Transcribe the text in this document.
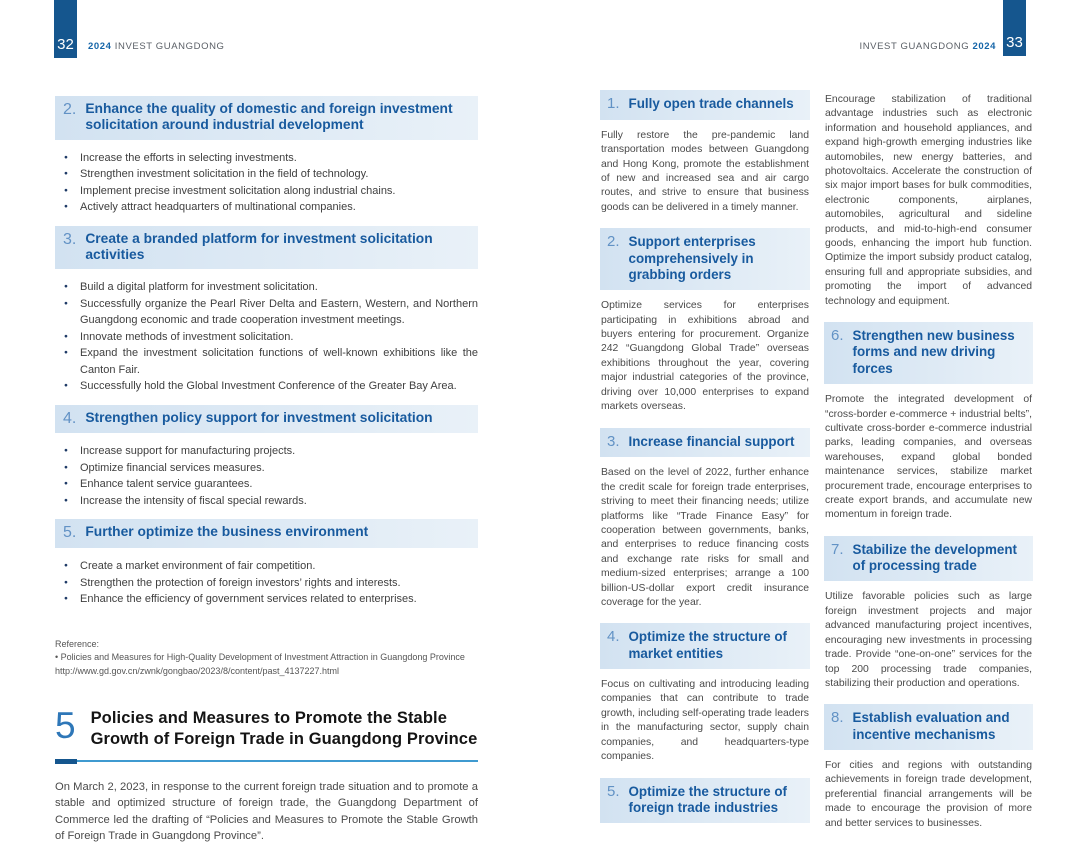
32 2024 INVEST GUANGDONG	INVEST GUANGDONG 2024 33
2. Enhance the quality of domestic and foreign investment solicitation around industrial development
● Increase the efforts in selecting investments.
● Strengthen investment solicitation in the field of technology.
● Implement precise investment solicitation along industrial chains.
● Actively attract headquarters of multinational companies.
3. Create a branded platform for investment solicitation activities
● Build a digital platform for investment solicitation.
● Successfully organize the Pearl River Delta and Eastern, Western, and Northern Guangdong economic and trade cooperation investment meetings.
● Innovate methods of investment solicitation.
● Expand the investment solicitation functions of well-known exhibitions like the Canton Fair.
● Successfully hold the Global Investment Conference of the Greater Bay Area.
4. Strengthen policy support for investment solicitation
● Increase support for manufacturing projects.
● Optimize financial services measures.
● Enhance talent service guarantees.
● Increase the intensity of fiscal special rewards.
5. Further optimize the business environment
● Create a market environment of fair competition.
● Strengthen the protection of foreign investors’ rights and interests.
● Enhance the efficiency of government services related to enterprises.
Reference:
• Policies and Measures for High-Quality Development of Investment Attraction in Guangdong Province
http://www.gd.gov.cn/zwnk/gongbao/2023/8/content/past_4137227.html
5 Policies and Measures to Promote the Stable Growth of Foreign Trade in Guangdong Province

On March 2, 2023, in response to the current foreign trade situation and to promote a stable and optimized structure of foreign trade, the Guangdong Department of Commerce led the drafting of “Policies and Measures to Promote the Stable Growth of Foreign Trade in Guangdong Province”.

1. Fully open trade channels

Fully restore the pre-pandemic land transportation modes between Guangdong and Hong Kong, promote the establishment of new and increased sea and air cargo routes, and strive to ensure that business goods can be delivered in a timely manner.

2. Support enterprises comprehensively in grabbing orders

Optimize services for enterprises participating in exhibitions abroad and buyers entering for procurement. Organize 242 “Guangdong Global Trade” overseas exhibitions throughout the year, covering major industrial categories of the province, driving over 10,000 enterprises to expand markets overseas.

3. Increase financial support

Based on the level of 2022, further enhance the credit scale for foreign trade enterprises, striving to meet their financing needs; utilize platforms like “Trade Finance Easy” for cooperation between governments, banks, and enterprises to reduce financing costs and exchange rate risks for small and medium-sized enterprises; arrange a 100 billion-US-dollar export credit insurance coverage for the year.

4. Optimize the structure of market entities

Focus on cultivating and introducing leading companies that can contribute to trade growth, including self-operating trade leaders in the manufacturing sector, supply chain companies, and headquarters-type companies.

5. Optimize the structure of foreign trade industries

Encourage stabilization of traditional advantage industries such as electronic information and household appliances, and expand high-growth emerging industries like automobiles, new energy batteries, and photovoltaics. Accelerate the construction of six major import bases for bulk commodities, electronic components, airplanes, automobiles, agricultural and sideline products, and mid-to-high-end consumer goods, enhancing the import hub function. Optimize the import subsidy product catalog, ensuring full and appropriate subsidies, and promoting the import of advanced technology and equipment.

6. Strengthen new business forms and new driving forces

Promote the integrated development of “cross-border e-commerce + industrial belts”, cultivate cross-border e-commerce industrial parks, leading companies, and overseas warehouses, expand global bonded maintenance services, stabilize market procurement trade, encourage enterprises to create export brands, and accumulate new momentum in foreign trade.

7. Stabilize the development of processing trade

Utilize favorable policies such as large foreign investment projects and major advanced manufacturing project incentives, encouraging new investments in processing trade. Provide “one-on-one” services for the top 200 processing trade companies, stabilizing their production and operations.

8. Establish evaluation and incentive mechanisms

For cities and regions with outstanding achievements in foreign trade development, preferential financial arrangements will be made to encourage the provision of more and better services to businesses.
